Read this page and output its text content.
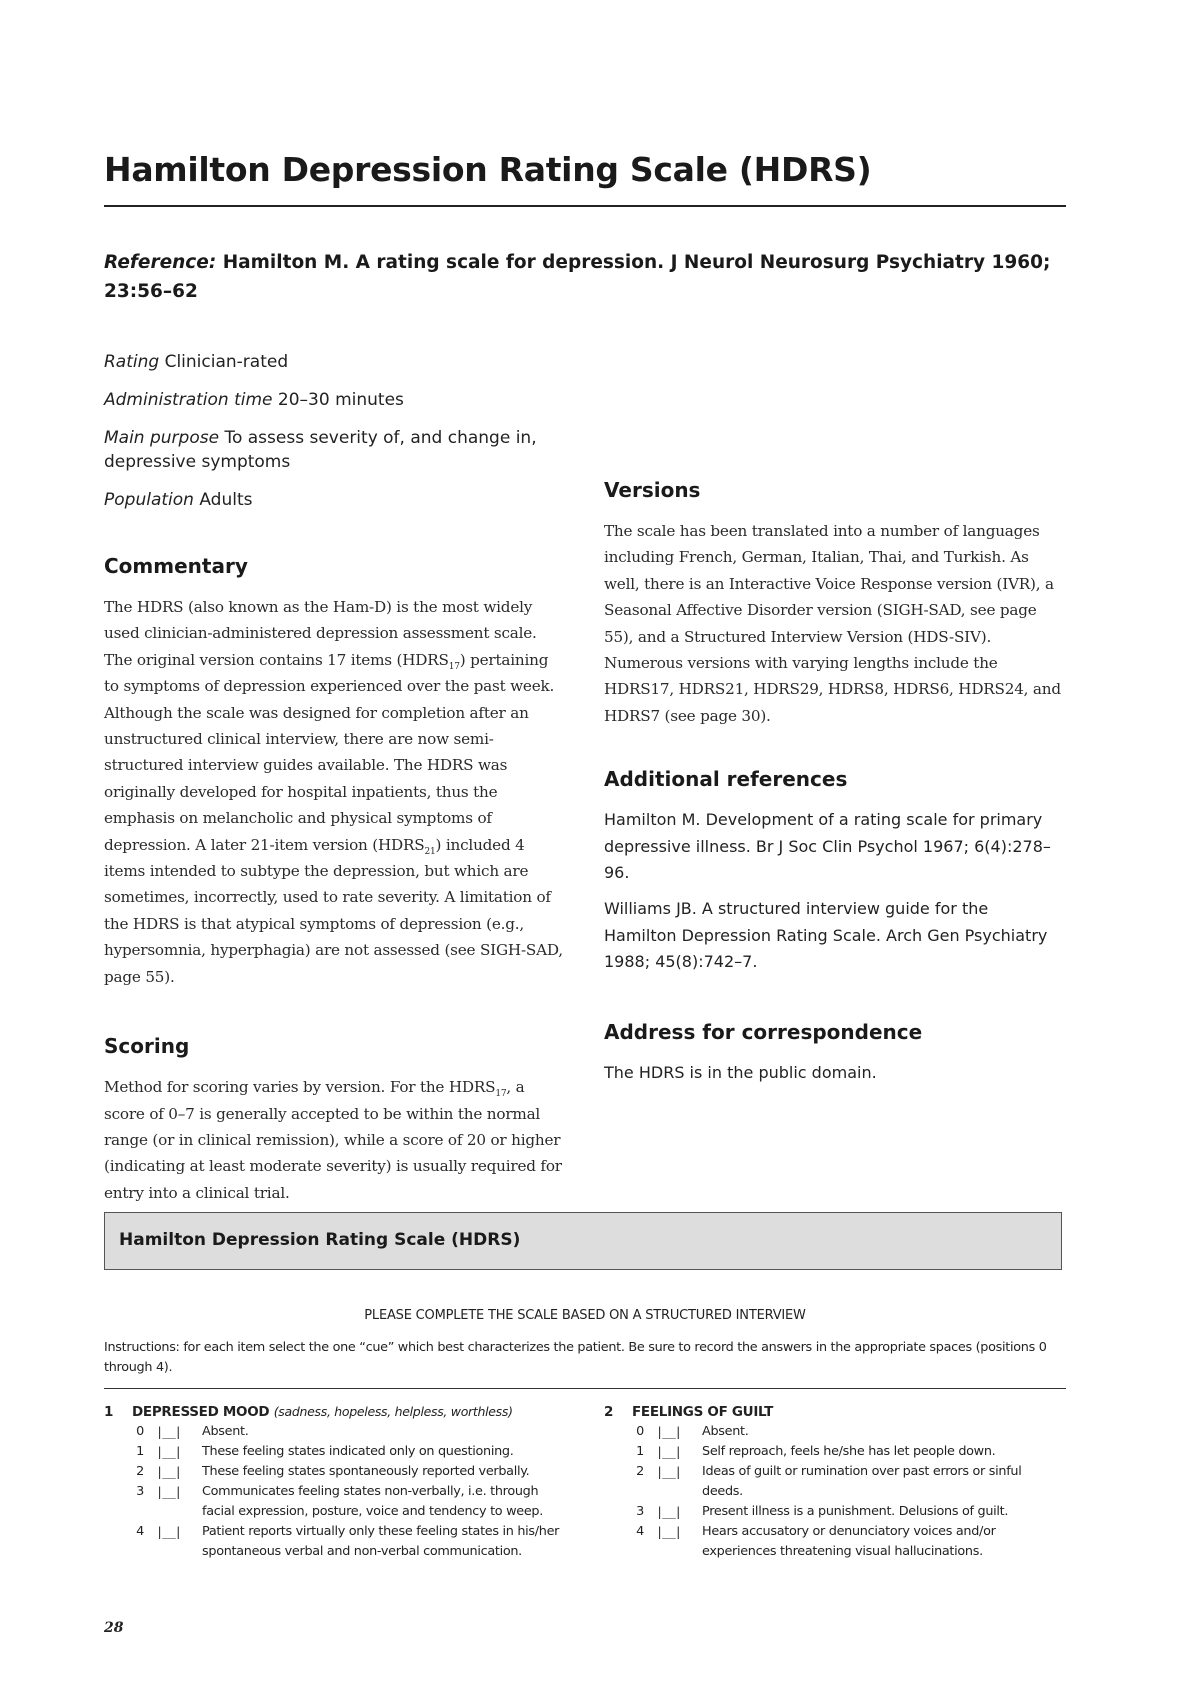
Hamilton Depression Rating Scale (HDRS)
Reference: Hamilton M. A rating scale for depression. J Neurol Neurosurg Psychiatry 1960; 23:56–62

Rating Clinician-rated

Administration time 20–30 minutes

Main purpose To assess severity of, and change in, depressive symptoms

Population Adults

Commentary

The HDRS (also known as the Ham-D) is the most widely used clinician-administered depression assessment scale. The original version contains 17 items $(HDRS_{17})$ pertaining to symptoms of depression experienced over the past week. Although the scale was designed for completion after an unstructured clinical interview, there are now semi-structured interview guides available. The HDRS was originally developed for hospital inpatients, thus the emphasis on melancholic and physical symptoms of depression. A later 21-item version $(HDRS_{21})$ included 4 items intended to subtype the depression, but which are sometimes, incorrectly, used to rate severity. A limitation of the HDRS is that atypical symptoms of depression (e.g., hypersomnia, hyperphagia) are not assessed (see SIGH-SAD, page 55).

Scoring

Method for scoring varies by version. For the $HDRS_{17}$, a score of 0–7 is generally accepted to be within the normal range (or in clinical remission), while a score of 20 or higher (indicating at least moderate severity) is usually required for entry into a clinical trial.

Versions

The scale has been translated into a number of languages including French, German, Italian, Thai, and Turkish. As well, there is an Interactive Voice Response version (IVR), a Seasonal Affective Disorder version (SIGH-SAD, see page 55), and a Structured Interview Version (HDS-SIV). Numerous versions with varying lengths include the HDRS17, HDRS21, HDRS29, HDRS8, HDRS6, HDRS24, and HDRS7 (see page 30).

Additional references

Hamilton M. Development of a rating scale for primary depressive illness. Br J Soc Clin Psychol 1967; 6(4):278–96.

Williams JB. A structured interview guide for the Hamilton Depression Rating Scale. Arch Gen Psychiatry 1988; 45(8):742–7.

Address for correspondence

The HDRS is in the public domain.

Hamilton Depression Rating Scale (HDRS)
PLEASE COMPLETE THE SCALE BASED ON A STRUCTURED INTERVIEW
Instructions: for each item select the one “cue” which best characterizes the patient. Be sure to record the answers in the appropriate spaces (positions 0 through 4).
1 DEPRESSED MOOD (sadness, hopeless, helpless, worthless)
0 |__| Absent.
1 |__| These feeling states indicated only on questioning.
2 |__| These feeling states spontaneously reported verbally.
3 |__| Communicates feeling states non-verbally, i.e. through facial expression, posture, voice and tendency to weep.
4 |__| Patient reports virtually only these feeling states in his/her spontaneous verbal and non-verbal communication.
2 FEELINGS OF GUILT
0 |__| Absent.
1 |__| Self reproach, feels he/she has let people down.
2 |__| Ideas of guilt or rumination over past errors or sinful deeds.
3 |__| Present illness is a punishment. Delusions of guilt.
4 |__| Hears accusatory or denunciatory voices and/or experiences threatening visual hallucinations.
28
